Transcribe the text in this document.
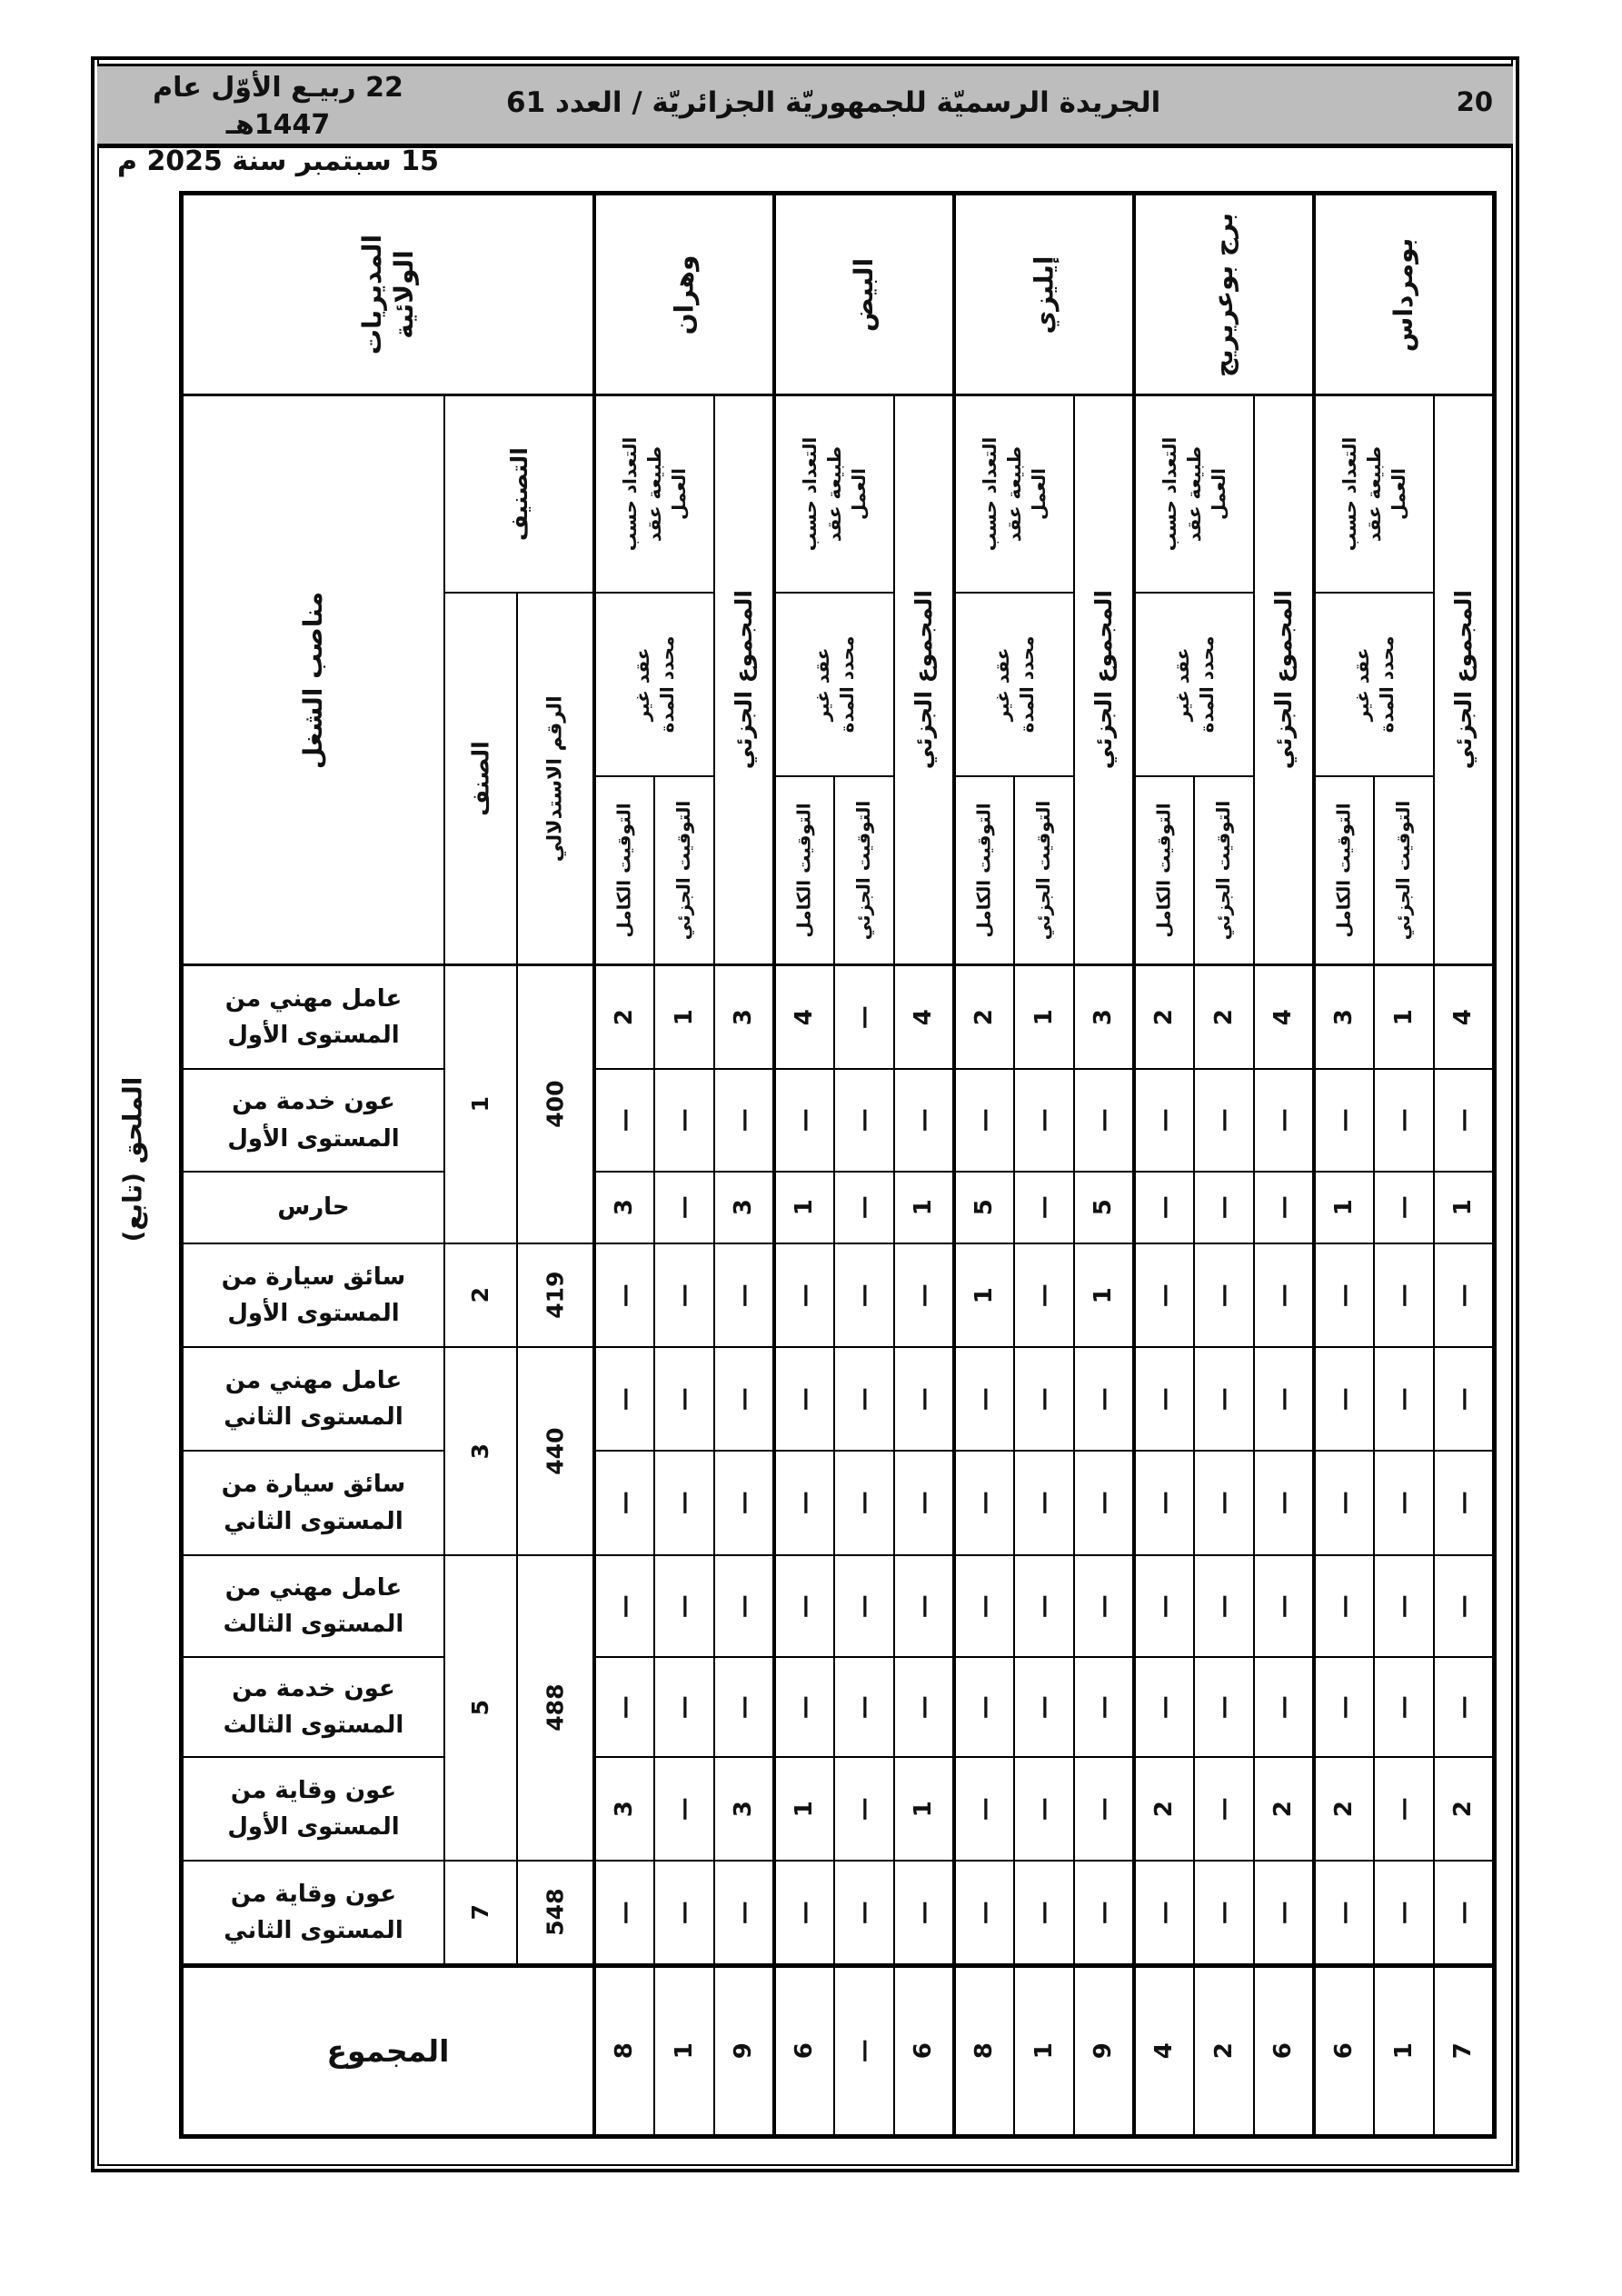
22 ربيـع الأوّل عام 1447هـ
15 سبتمبر سنة 2025 م
الجريدة الرسميّة للجمهوريّة الجزائريّة / العدد 61	20
الملحق (تابع)
المديريات الولائية
مناصب الشغل
التصنيف
الصنف الرقم الاستدلالي
وهران
التعداد حسب طبيعة عقد العمل
عقد غير محدد المدة
التوقيت الكامل التوقيت الجزئي
المجموع الجزئي
البيض
التعداد حسب طبيعة عقد العمل
عقد غير محدد المدة
التوقيت الكامل التوقيت الجزئي
المجموع الجزئي
إيليزي
التعداد حسب طبيعة عقد العمل
عقد غير محدد المدة
التوقيت الكامل التوقيت الجزئي
المجموع الجزئي
برج بوعريريج
التعداد حسب طبيعة عقد العمل
عقد غير محدد المدة
التوقيت الكامل التوقيت الجزئي
المجموع الجزئي
بومرداس
التعداد حسب طبيعة عقد العمل
عقد غير محدد المدة
التوقيت الكامل التوقيت الجزئي
المجموع الجزئي
عامل مهني من المستوى الأول
عون خدمة من المستوى الأول
حارس
سائق سيارة من المستوى الأول
عامل مهني من المستوى الثاني
سائق سيارة من المستوى الثاني
عامل مهني من المستوى الثالث
عون خدمة من المستوى الثالث
عون وقاية من المستوى الأول
عون وقاية من المستوى الثاني
1 400
2 419
3 440
5 488
7 548
2 1 3
— — —
3 — 3
— — —
— — —
— — —
— — —
— — —
3 — 3
— — —
4 — 4
— — —
1 — 1
— — —
— — —
— — —
— — —
— — —
1 — 1
— — —
2 1 3
— — —
5 — 5
1 — 1
— — —
— — —
— — —
— — —
— — —
— — —
2 2 4
— — —
— — —
— — —
— — —
— — —
— — —
— — —
2 — 2
— — —
3 1 4
— — —
1 — 1
— — —
— — —
— — —
— — —
— — —
2 — 2
— — —
المجموع	8 1 9 6 — 6 8 1 9 4 2 6 6 1 7
